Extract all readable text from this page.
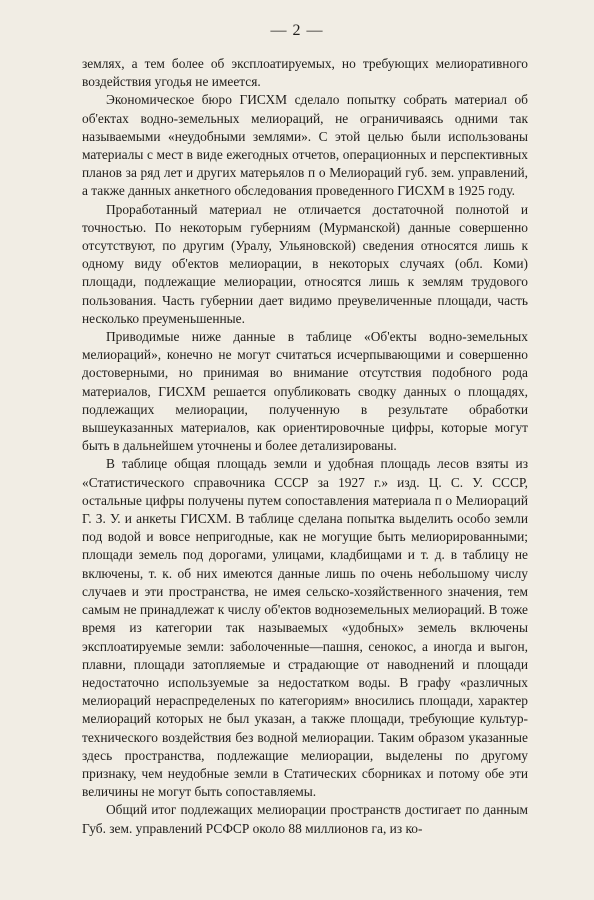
— 2 —

землях, а тем более об эксплоатируемых, но требующих мелиоративного воздействия угодья не имеется.

Экономическое бюро ГИСХМ сделало попытку собрать материал об об'ектах водно-земельных мелиораций, не ограничиваясь одними так называемыми «неудобными землями». С этой целью были использованы материалы с мест в виде ежегодных отчетов, операционных и перспективных планов за ряд лет и других матерьялов п о Мелиораций губ. зем. управлений, а также данных анкетного обследования проведенного ГИСХМ в 1925 году.

Проработанный материал не отличается достаточной полнотой и точностью. По некоторым губерниям (Мурманской) данные совершенно отсутствуют, по другим (Уралу, Ульяновской) сведения относятся лишь к одному виду об'ектов мелиорации, в некоторых случаях (обл. Коми) площади, подлежащие мелиорации, относятся лишь к землям трудового пользования. Часть губернии дает видимо преувеличенные площади, часть несколько преуменьшенные.

Приводимые ниже данные в таблице «Об'екты водно-земельных мелиораций», конечно не могут считаться исчерпывающими и совершенно достоверными, но принимая во внимание отсутствия подобного рода материалов, ГИСХМ решается опубликовать сводку данных о площадях, подлежащих мелиорации, полученную в результате обработки вышеуказанных материалов, как ориентировочные цифры, которые могут быть в дальнейшем уточнены и более детализированы.

В таблице общая площадь земли и удобная площадь лесов взяты из «Статистического справочника СССР за 1927 г.» изд. Ц. С. У. СССР, остальные цифры получены путем сопоставления материала п о Мелиораций Г. З. У. и анкеты ГИСХМ. В таблице сделана попытка выделить особо земли под водой и вовсе непригодные, как не могущие быть мелиорированными; площади земель под дорогами, улицами, кладбищами и т. д. в таблицу не включены, т. к. об них имеются данные лишь по очень небольшому числу случаев и эти пространства, не имея сельско-хозяйственного значения, тем самым не принадлежат к числу об'ектов водноземельных мелиораций. В тоже время из категории так называемых «удобных» земель включены эксплоатируемые земли: заболоченные—пашня, сенокос, а иногда и выгон, плавни, площади затопляемые и страдающие от наводнений и площади недостаточно используемые за недостатком воды. В графу «различных мелиораций нераспределеных по категориям» вносились площади, характер мелиораций которых не был указан, а также площади, требующие культур-технического воздействия без водной мелиорации. Таким образом указанные здесь пространства, подлежащие мелиорации, выделены по другому признаку, чем неудобные земли в Статических сборниках и потому обе эти величины не могут быть сопоставляемы.

Общий итог подлежащих мелиорации пространств достигает по данным Губ. зем. управлений РСФСР около 88 миллионов га, из ко-
